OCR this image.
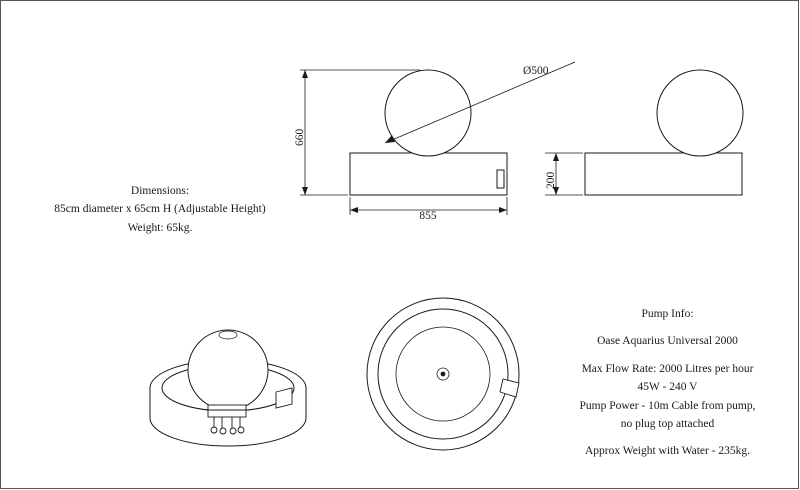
Dimensions:
85cm diameter x 65cm H (Adjustable Height)
Weight: 65kg.
Ø500
660
855
200
Pump Info:
Oase Aquarius Universal 2000
Max Flow Rate: 2000 Litres per hour
45W - 240 V
Pump Power - 10m Cable from pump,
no plug top attached
Approx Weight with Water - 235kg.
